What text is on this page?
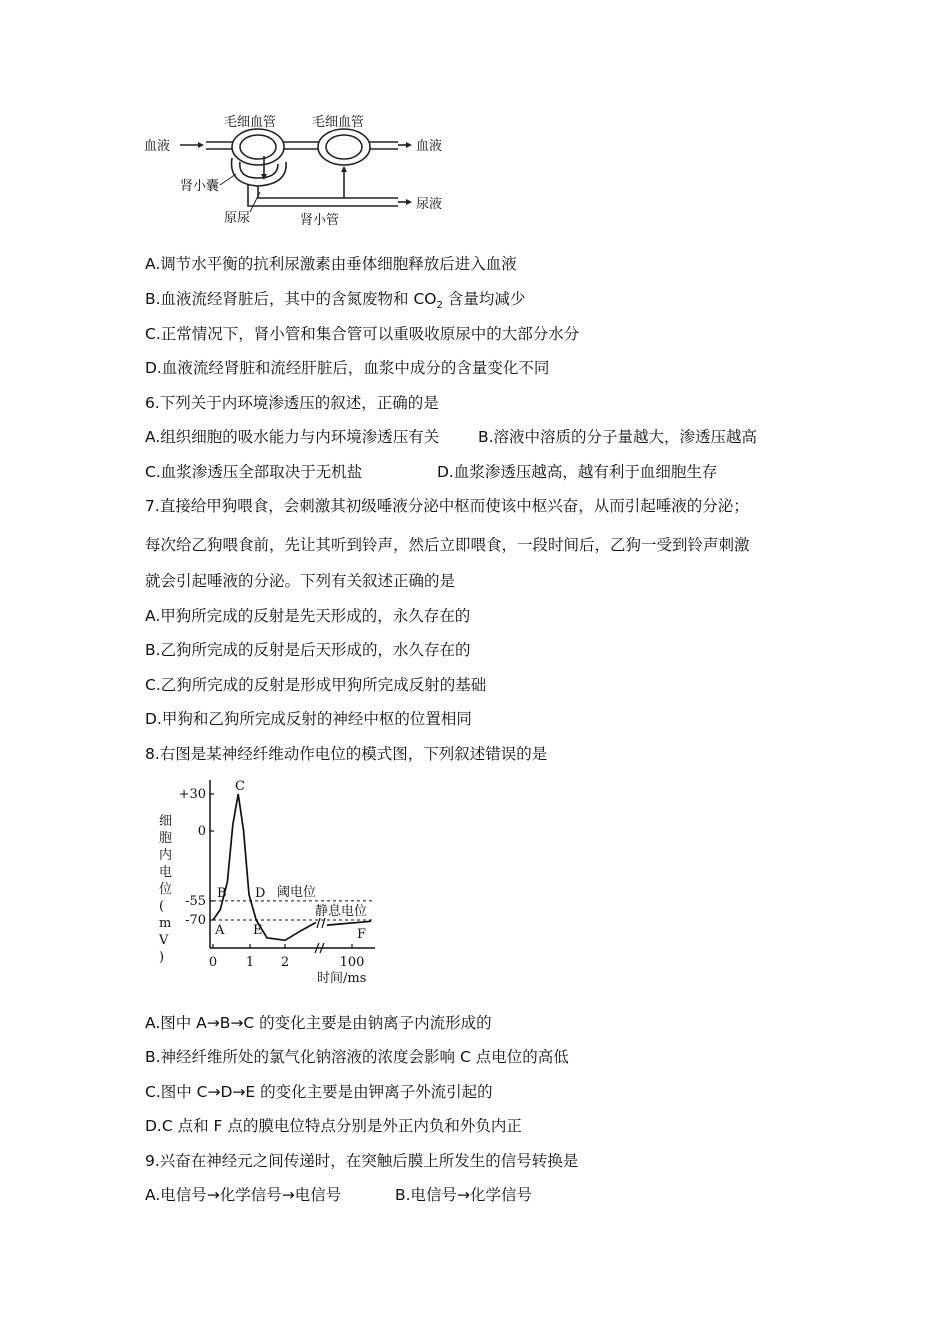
毛细血管	毛细血管
血液	血液
肾小囊
原尿	肾小管
尿液
A.调节水平衡的抗利尿激素由垂体细胞释放后进入血液
B.血液流经肾脏后，其中的含氮废物和 $CO_2$ 含量均减少
C.正常情况下，肾小管和集合管可以重吸收原尿中的大部分水分
D.血液流经肾脏和流经肝脏后，血浆中成分的含量变化不同
6.下列关于内环境渗透压的叙述，正确的是
A.组织细胞的吸水能力与内环境渗透压有关 B.溶液中溶质的分子量越大，渗透压越高
C.血浆渗透压全部取决于无机盐	D.血浆渗透压越高，越有利于血细胞生存
7.直接给甲狗喂食，会刺激其初级唾液分泌中枢而使该中枢兴奋，从而引起唾液的分泌；
每次给乙狗喂食前，先让其听到铃声，然后立即喂食，一段时间后，乙狗一受到铃声刺激
就会引起唾液的分泌。下列有关叙述正确的是
A.甲狗所完成的反射是先天形成的，永久存在的
B.乙狗所完成的反射是后天形成的，水久存在的
C.乙狗所完成的反射是形成甲狗所完成反射的基础
D.甲狗和乙狗所完成反射的神经中枢的位置相同
8.右图是某神经纤维动作电位的模式图，下列叙述错误的是
细
胞
内
电
位
(
m
V
)
+30
0
-55
-70
0 1 2	100
阈电位
静息电位
A
B
C
D
E	F
时间/ms
A.图中 A→B→C 的变化主要是由钠离子内流形成的
B.神经纤维所处的氯气化钠溶液的浓度会影响 C 点电位的高低
C.图中 C→D→E 的变化主要是由钾离子外流引起的
D.C 点和 F 点的膜电位特点分别是外正内负和外负内正
9.兴奋在神经元之间传递时，在突触后膜上所发生的信号转换是
A.电信号→化学信号→电信号	B.电信号→化学信号
